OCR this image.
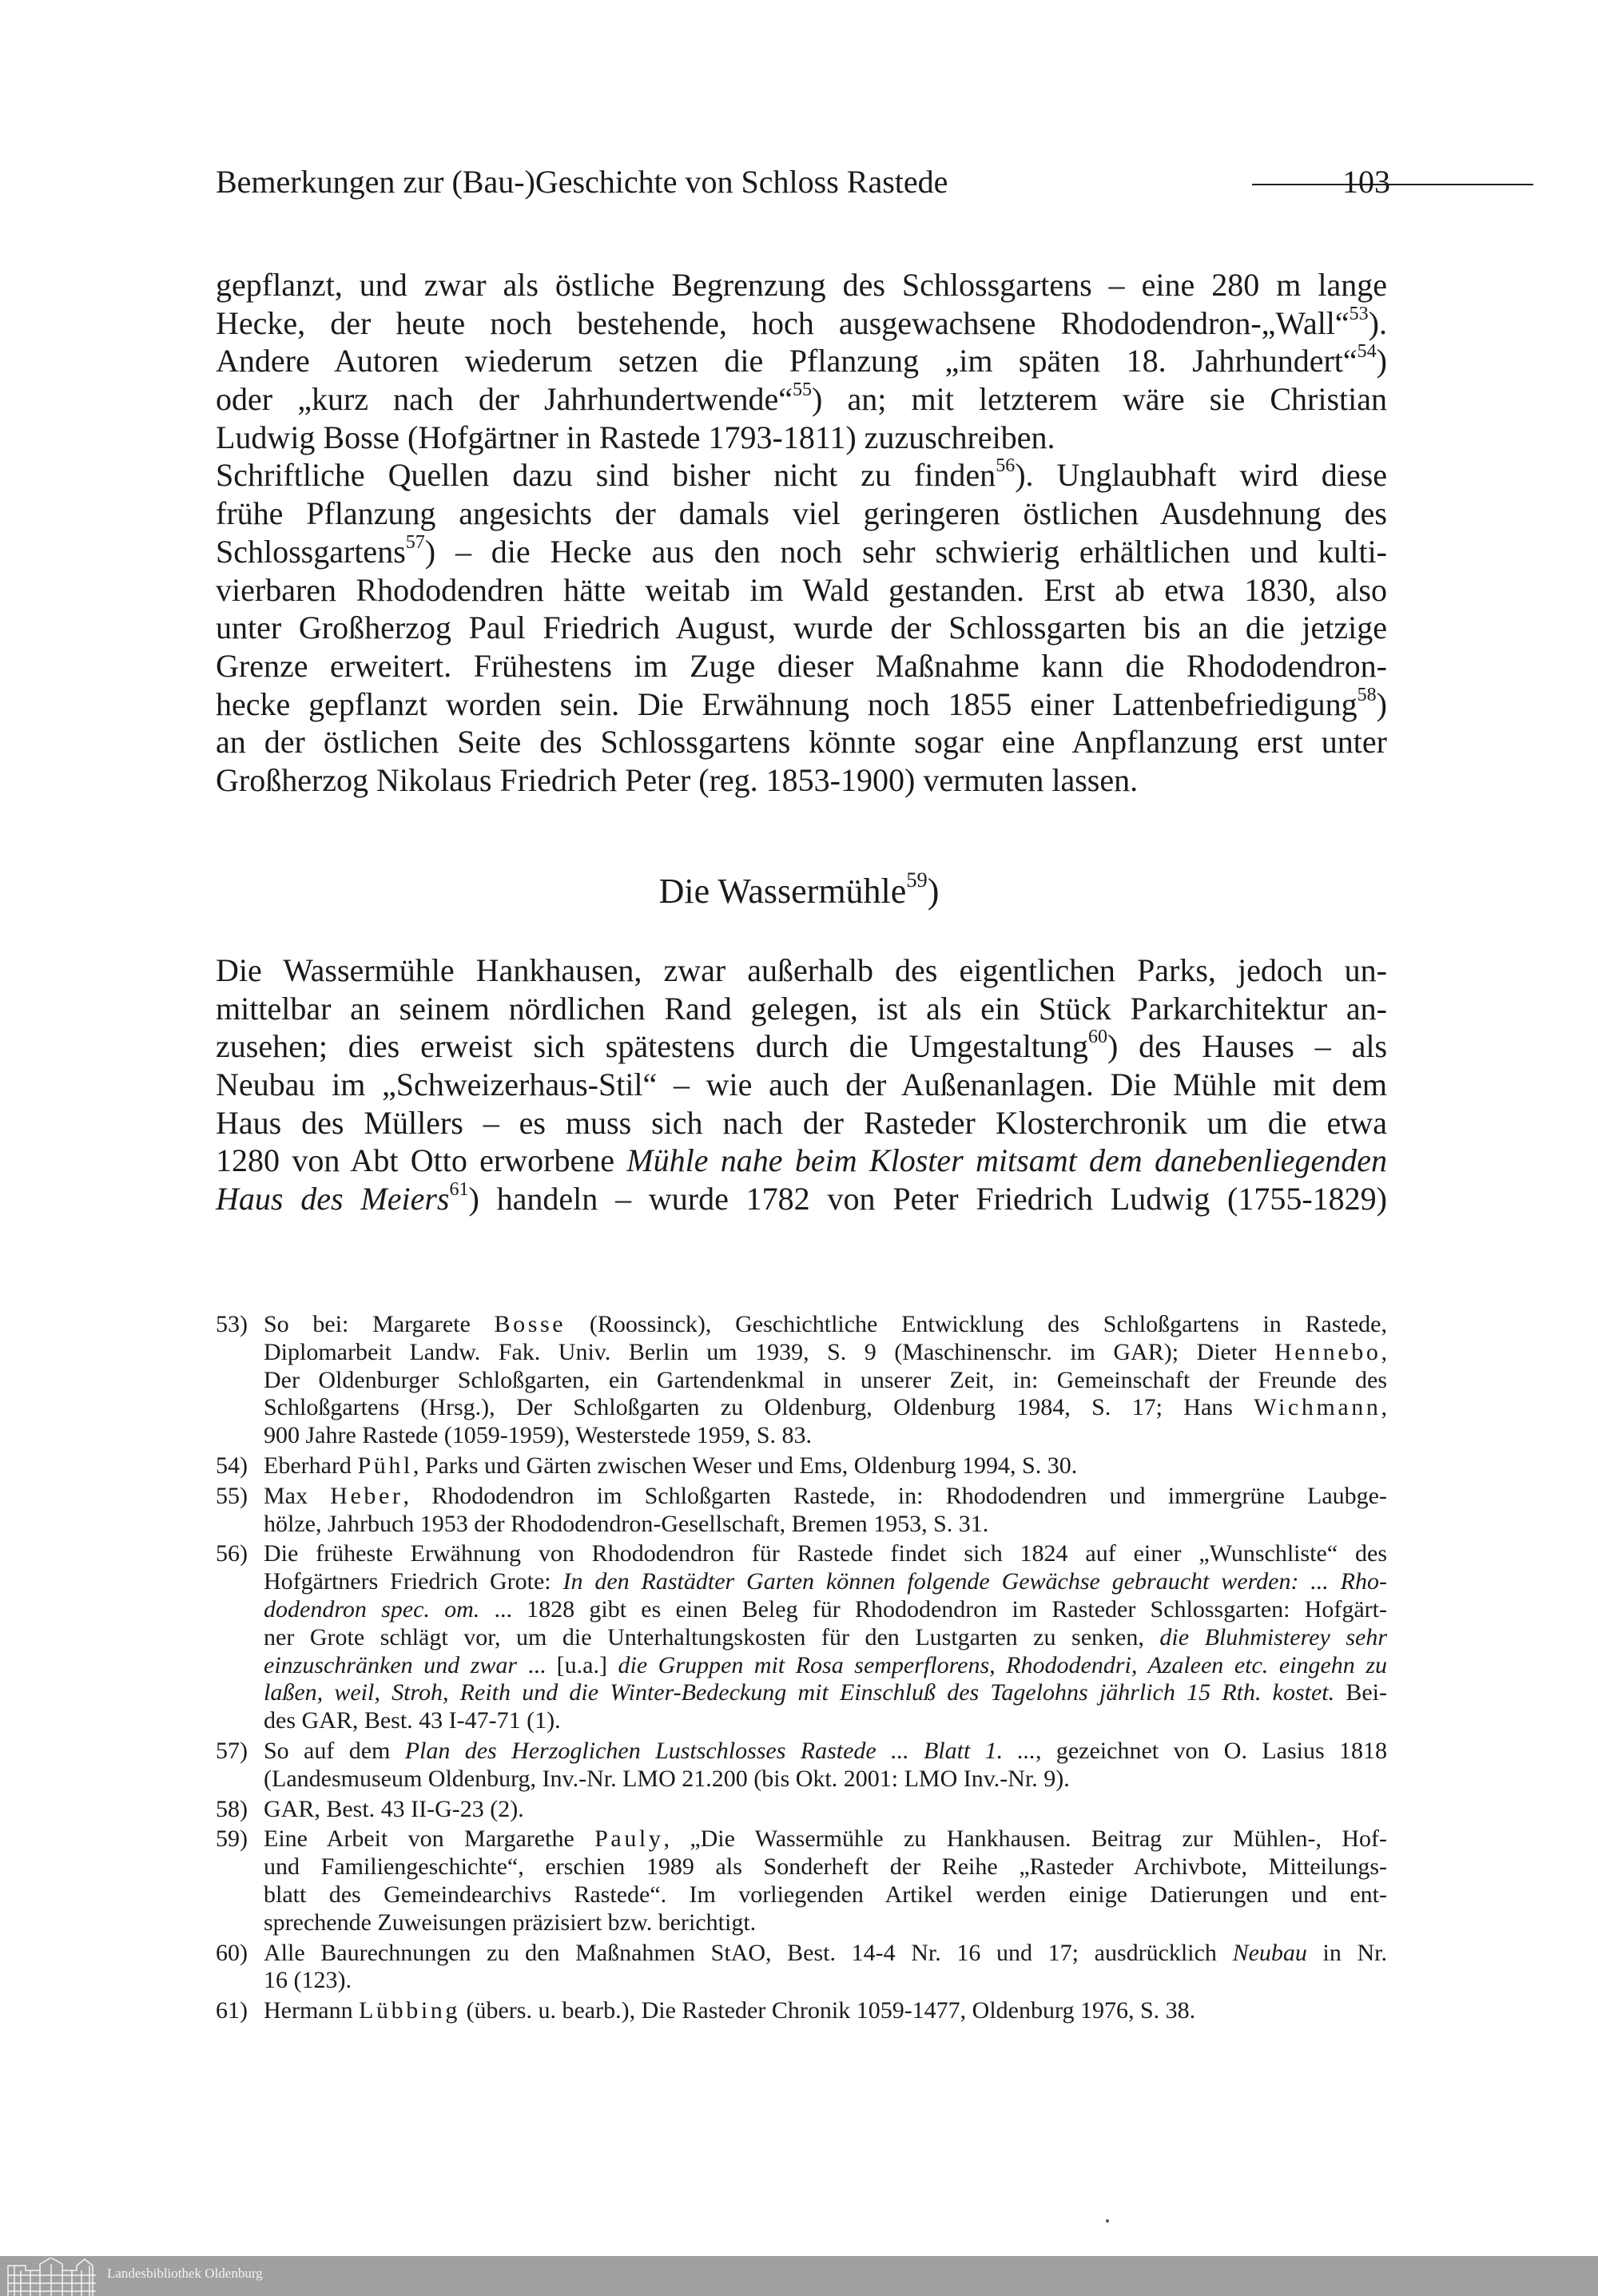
Bemerkungen zur (Bau-)Geschichte von Schloss Rastede	103
gepflanzt, und zwar als östliche Begrenzung des Schlossgartens – eine 280 m lange
Hecke, der heute noch bestehende, hoch ausgewachsene Rhododendron-„Wall“$^{53}$).
Andere Autoren wiederum setzen die Pflanzung „im späten 18. Jahrhundert“$^{54}$)
oder „kurz nach der Jahrhundertwende“$^{55}$) an; mit letzterem wäre sie Christian
Ludwig Bosse (Hofgärtner in Rastede 1793-1811) zuzuschreiben.
Schriftliche Quellen dazu sind bisher nicht zu finden$^{56}$). Unglaubhaft wird diese
frühe Pflanzung angesichts der damals viel geringeren östlichen Ausdehnung des
Schlossgartens$^{57}$) – die Hecke aus den noch sehr schwierig erhältlichen und kulti-
vierbaren Rhododendren hätte weitab im Wald gestanden. Erst ab etwa 1830, also
unter Großherzog Paul Friedrich August, wurde der Schlossgarten bis an die jetzige
Grenze erweitert. Frühestens im Zuge dieser Maßnahme kann die Rhododendron-
hecke gepflanzt worden sein. Die Erwähnung noch 1855 einer Lattenbefriedigung$^{58}$)
an der östlichen Seite des Schlossgartens könnte sogar eine Anpflanzung erst unter
Großherzog Nikolaus Friedrich Peter (reg. 1853-1900) vermuten lassen.
Die Wassermühle$^{59}$)
Die Wassermühle Hankhausen, zwar außerhalb des eigentlichen Parks, jedoch un-
mittelbar an seinem nördlichen Rand gelegen, ist als ein Stück Parkarchitektur an-
zusehen; dies erweist sich spätestens durch die Umgestaltung$^{60}$) des Hauses – als
Neubau im „Schweizerhaus-Stil“ – wie auch der Außenanlagen. Die Mühle mit dem
Haus des Müllers – es muss sich nach der Rasteder Klosterchronik um die etwa
1280 von Abt Otto erworbene Mühle nahe beim Kloster mitsamt dem danebenliegenden
Haus des Meiers$^{61}$) handeln – wurde 1782 von Peter Friedrich Ludwig (1755-1829)
53) So bei: Margarete Bosse (Roossinck), Geschichtliche Entwicklung des Schloßgartens in Rastede,
Diplomarbeit Landw. Fak. Univ. Berlin um 1939, S. 9 (Maschinenschr. im GAR); Dieter Hennebo,
Der Oldenburger Schloßgarten, ein Gartendenkmal in unserer Zeit, in: Gemeinschaft der Freunde des
Schloßgartens (Hrsg.), Der Schloßgarten zu Oldenburg, Oldenburg 1984, S. 17; Hans Wichmann,
900 Jahre Rastede (1059-1959), Westerstede 1959, S. 83.
54) Eberhard Pühl, Parks und Gärten zwischen Weser und Ems, Oldenburg 1994, S. 30.
55) Max Heber, Rhododendron im Schloßgarten Rastede, in: Rhododendren und immergrüne Laubge-
hölze, Jahrbuch 1953 der Rhododendron-Gesellschaft, Bremen 1953, S. 31.
56) Die früheste Erwähnung von Rhododendron für Rastede findet sich 1824 auf einer „Wunschliste“ des
Hofgärtners Friedrich Grote: In den Rastädter Garten können folgende Gewächse gebraucht werden: ... Rho-
dodendron spec. om. ... 1828 gibt es einen Beleg für Rhododendron im Rasteder Schlossgarten: Hofgärt-
ner Grote schlägt vor, um die Unterhaltungskosten für den Lustgarten zu senken, die Bluhmisterey sehr
einzuschränken und zwar ... [u.a.] die Gruppen mit Rosa semperflorens, Rhododendri, Azaleen etc. eingehn zu
laßen, weil, Stroh, Reith und die Winter-Bedeckung mit Einschluß des Tagelohns jährlich 15 Rth. kostet. Bei-
des GAR, Best. 43 I-47-71 (1).
57) So auf dem Plan des Herzoglichen Lustschlosses Rastede ... Blatt 1. ..., gezeichnet von O. Lasius 1818
(Landesmuseum Oldenburg, Inv.-Nr. LMO 21.200 (bis Okt. 2001: LMO Inv.-Nr. 9).
58) GAR, Best. 43 II-G-23 (2).
59) Eine Arbeit von Margarethe Pauly, „Die Wassermühle zu Hankhausen. Beitrag zur Mühlen-, Hof-
und Familiengeschichte“, erschien 1989 als Sonderheft der Reihe „Rasteder Archivbote, Mitteilungs-
blatt des Gemeindearchivs Rastede“. Im vorliegenden Artikel werden einige Datierungen und ent-
sprechende Zuweisungen präzisiert bzw. berichtigt.
60) Alle Baurechnungen zu den Maßnahmen StAO, Best. 14-4 Nr. 16 und 17; ausdrücklich Neubau in Nr.
16 (123).
61) Hermann Lübbing (übers. u. bearb.), Die Rasteder Chronik 1059-1477, Oldenburg 1976, S. 38.
Landesbibliothek Oldenburg
